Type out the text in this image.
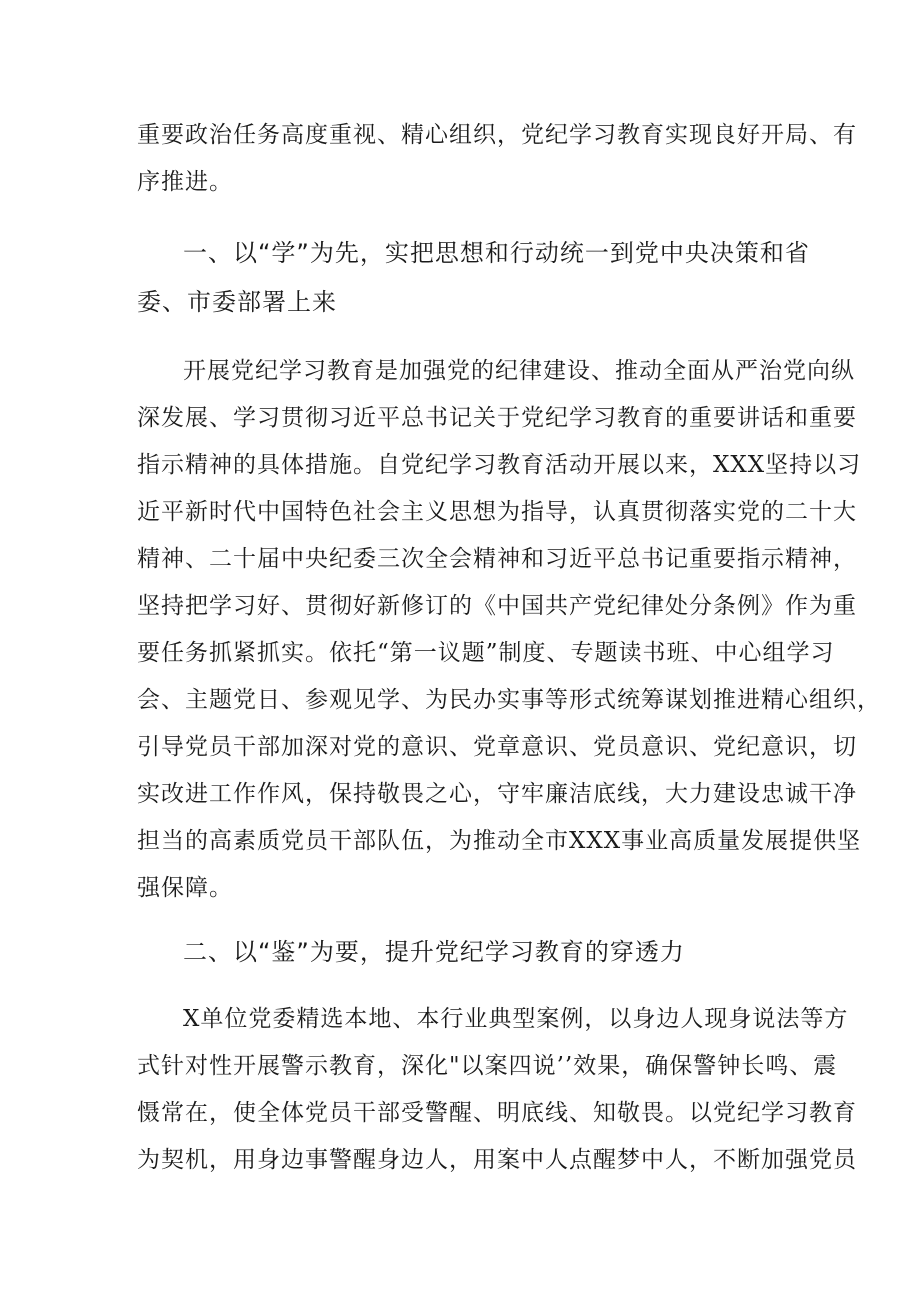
重要政治任务高度重视、精心组织，党纪学习教育实现良好开局、有
序推进。
一、以“学”为先，实把思想和行动统一到党中央决策和省
委、市委部署上来
开展党纪学习教育是加强党的纪律建设、推动全面从严治党向纵
深发展、学习贯彻习近平总书记关于党纪学习教育的重要讲话和重要
指示精神的具体措施。自党纪学习教育活动开展以来，XXX坚持以习
近平新时代中国特色社会主义思想为指导，认真贯彻落实党的二十大
精神、二十届中央纪委三次全会精神和习近平总书记重要指示精神，
坚持把学习好、贯彻好新修订的《中国共产党纪律处分条例》作为重
要任务抓紧抓实。依托“第一议题”制度、专题读书班、中心组学习
会、主题党日、参观见学、为民办实事等形式统筹谋划推进精心组织，
引导党员干部加深对党的意识、党章意识、党员意识、党纪意识，切
实改进工作作风，保持敬畏之心，守牢廉洁底线，大力建设忠诚干净
担当的高素质党员干部队伍，为推动全市XXX事业高质量发展提供坚
强保障。
二、以“鉴”为要，提升党纪学习教育的穿透力
X单位党委精选本地、本行业典型案例，以身边人现身说法等方
式针对性开展警示教育，深化"以案四说’’效果，确保警钟长鸣、震
慑常在，使全体党员干部受警醒、明底线、知敬畏。以党纪学习教育
为契机，用身边事警醒身边人，用案中人点醒梦中人，不断加强党员
